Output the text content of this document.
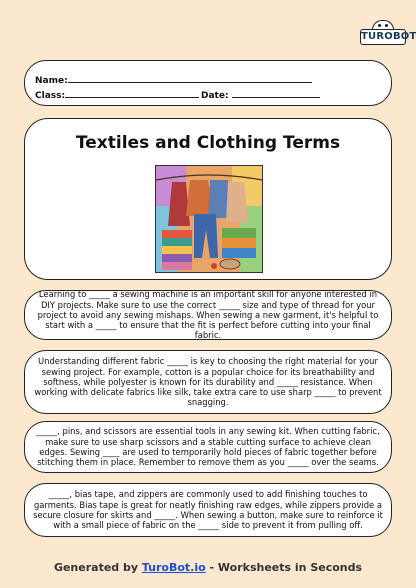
TUROBOT
Name:
Class:	Date:
Textiles and Clothing Terms
Learning to _____ a sewing machine is an important skill for anyone interested in DIY projects. Make sure to use the correct _____ size and type of thread for your project to avoid any sewing mishaps. When sewing a new garment, it's helpful to start with a _____ to ensure that the fit is perfect before cutting into your final fabric.
Understanding different fabric _____ is key to choosing the right material for your sewing project. For example, cotton is a popular choice for its breathability and softness, while polyester is known for its durability and _____ resistance. When working with delicate fabrics like silk, take extra care to use sharp _____ to prevent snagging.
_____, pins, and scissors are essential tools in any sewing kit. When cutting fabric, make sure to use sharp scissors and a stable cutting surface to achieve clean edges. Sewing ____ are used to temporarily hold pieces of fabric together before stitching them in place. Remember to remove them as you _____ over the seams.
_____, bias tape, and zippers are commonly used to add finishing touches to garments. Bias tape is great for neatly finishing raw edges, while zippers provide a secure closure for skirts and _____. When sewing a button, make sure to reinforce it with a small piece of fabric on the _____ side to prevent it from pulling off.
Generated by TuroBot.io - Worksheets in Seconds
